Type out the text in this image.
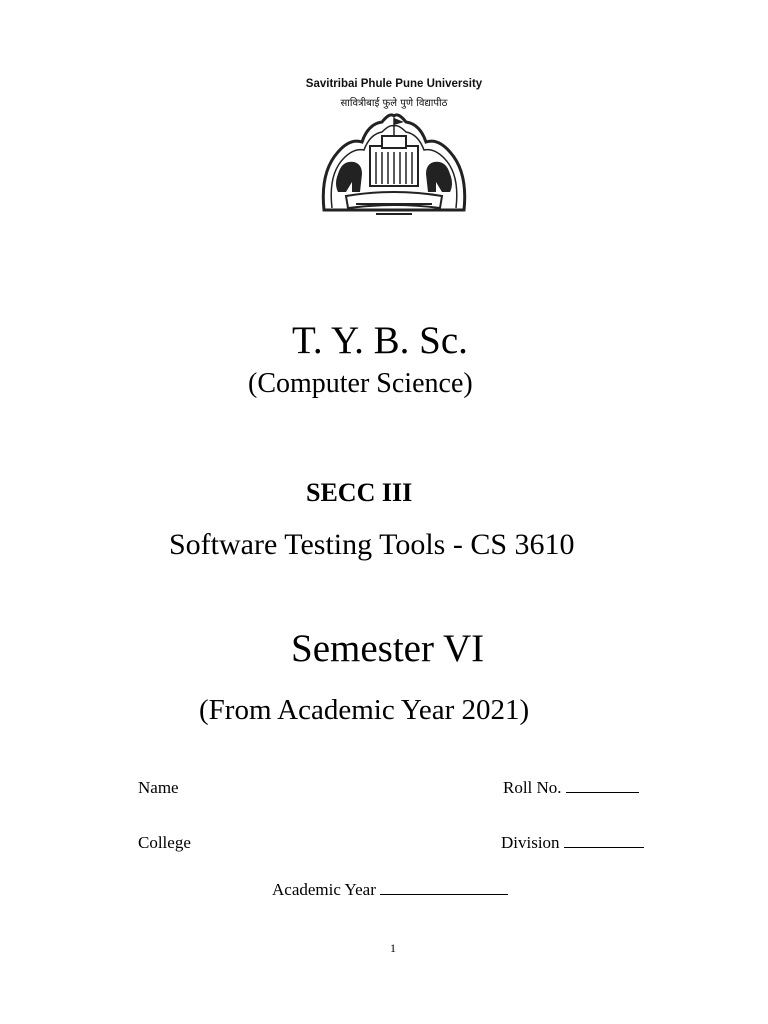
Savitribai Phule Pune University
सावित्रीबाई फुले पुणे विद्यापीठ
T. Y. B. Sc.
(Computer Science)
SECC III
Software Testing Tools - CS 3610
Semester VI
(From Academic Year 2021)
Name	Roll No.
College	Division
Academic Year
1
